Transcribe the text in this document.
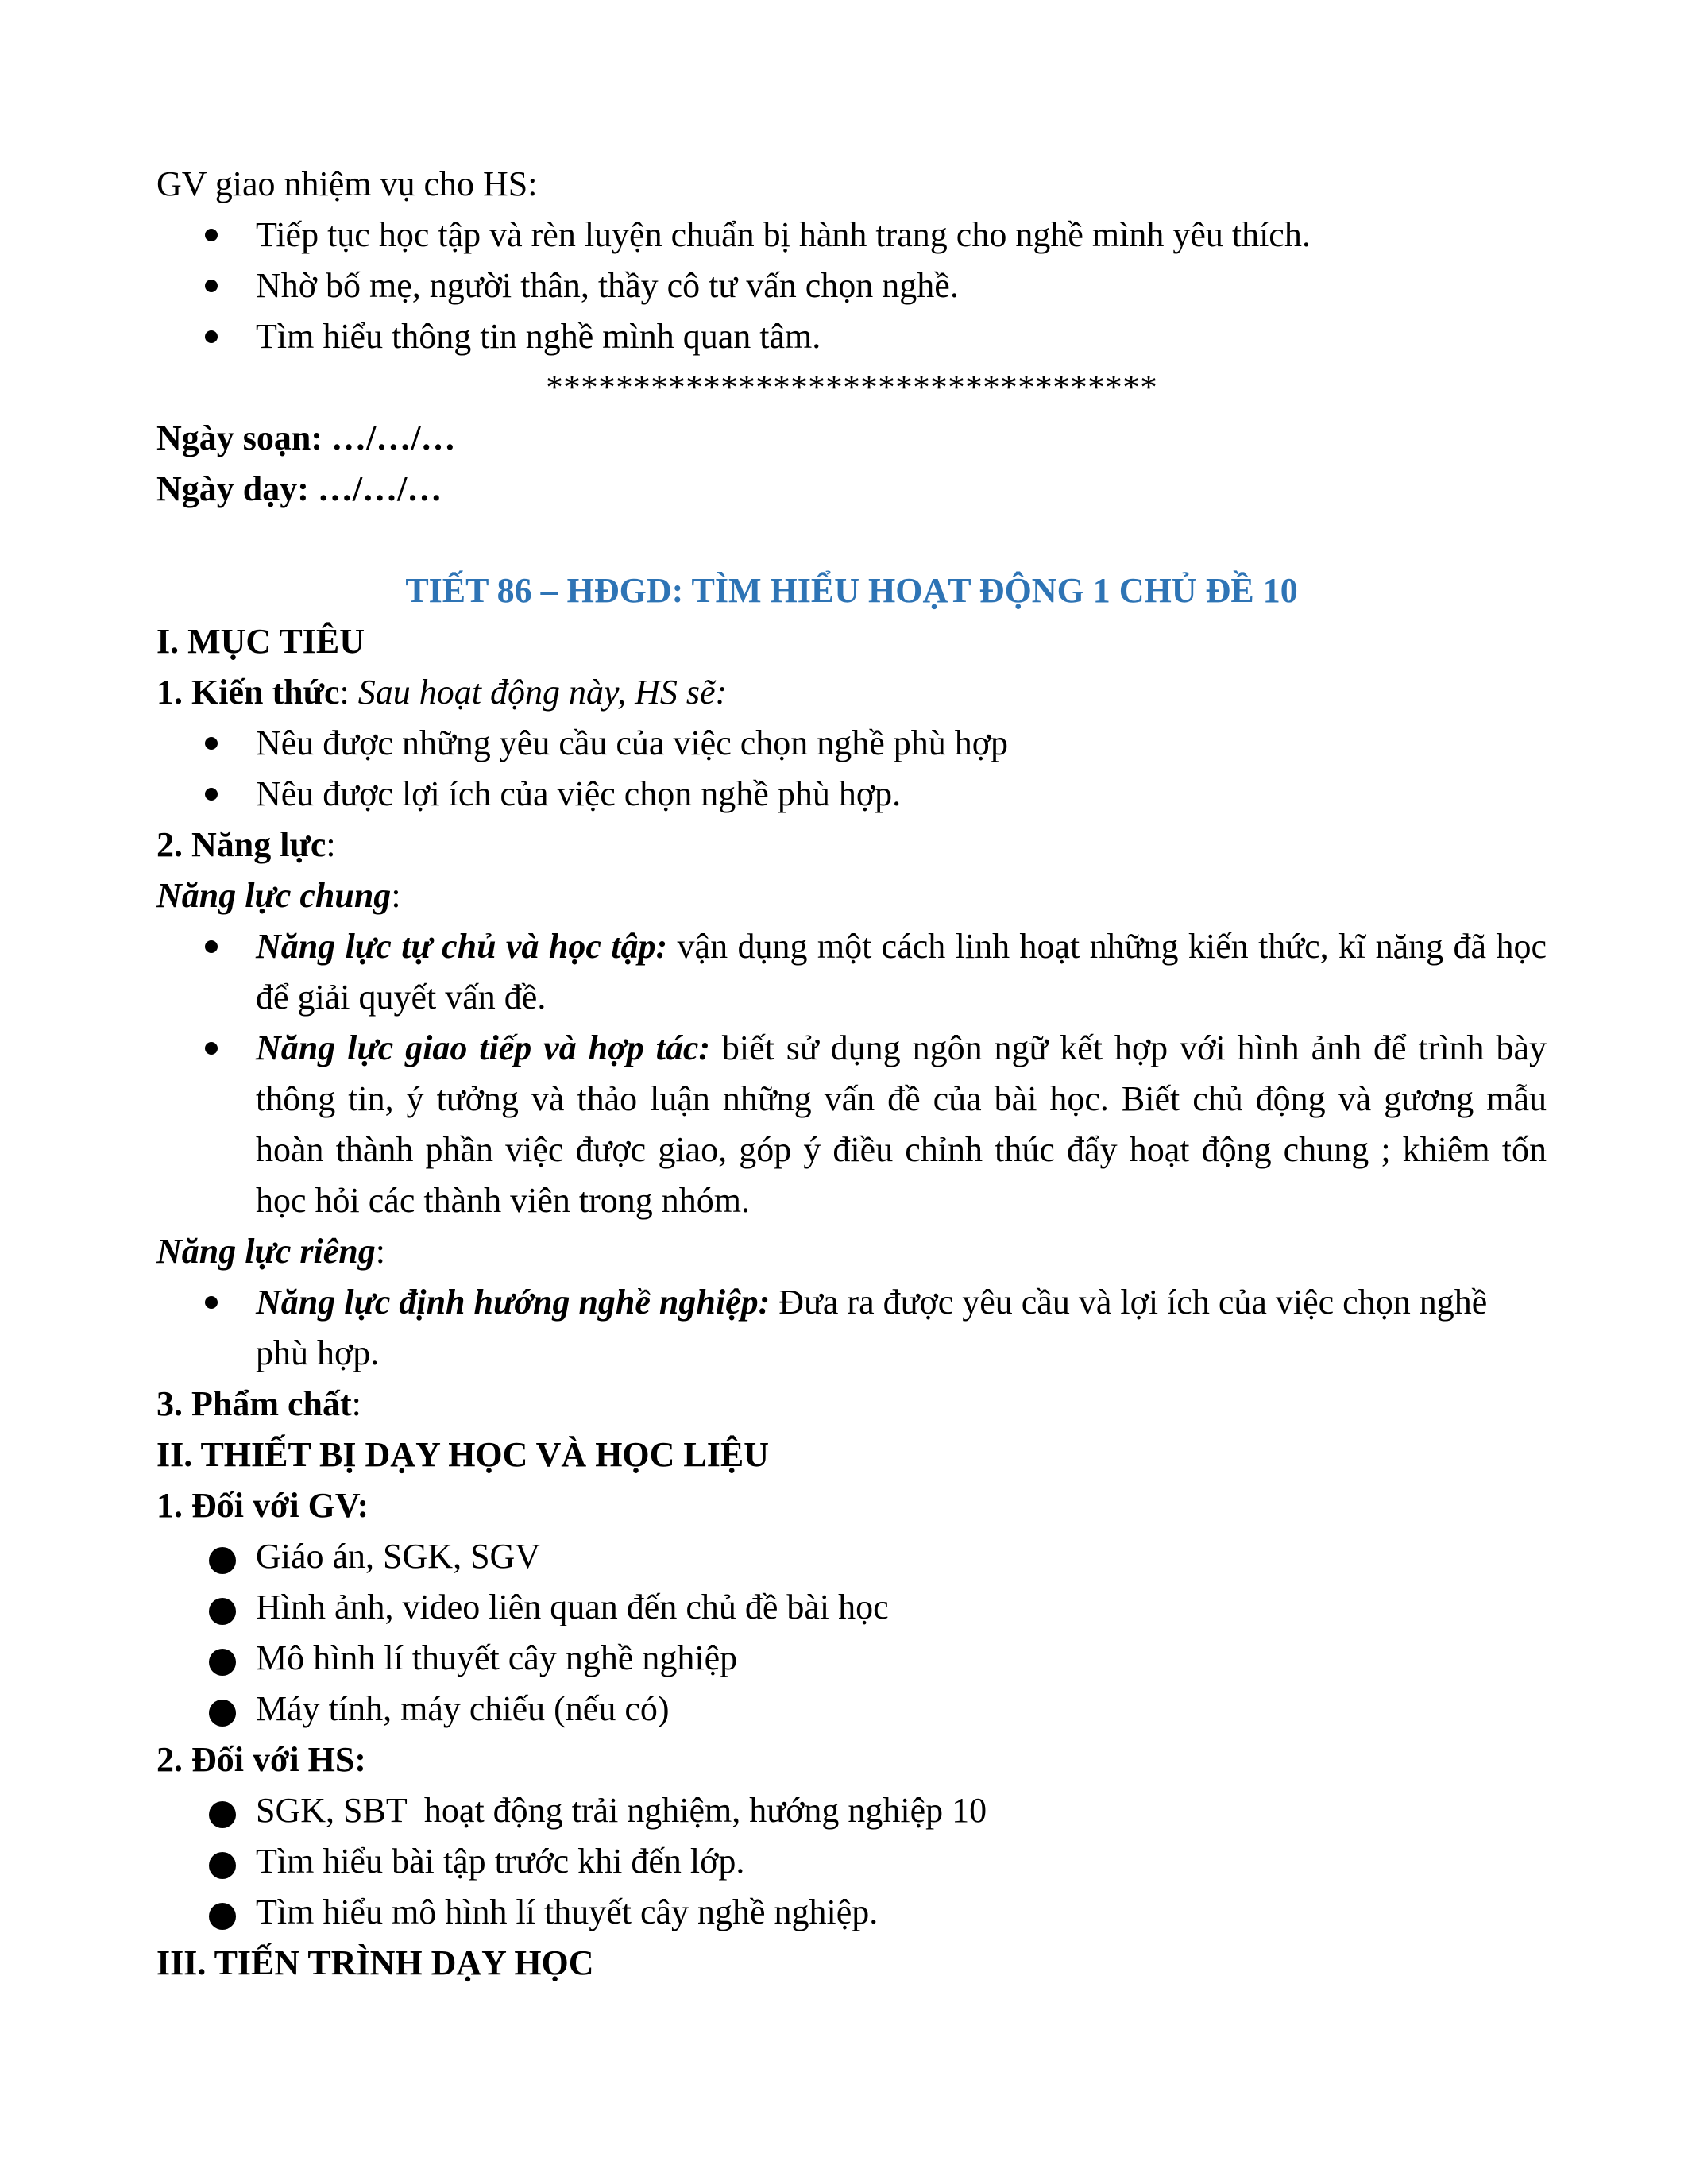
GV giao nhiệm vụ cho HS:

Tiếp tục học tập và rèn luyện chuẩn bị hành trang cho nghề mình yêu thích.
Nhờ bố mẹ, người thân, thầy cô tư vấn chọn nghề.
Tìm hiểu thông tin nghề mình quan tâm.

***********************************

Ngày soạn: …/…/…

Ngày dạy: …/…/…

TIẾT 86 – HĐGD: TÌM HIỂU HOẠT ĐỘNG 1 CHỦ ĐỀ 10

I. MỤC TIÊU

1. Kiến thức: Sau hoạt động này, HS sẽ:

Nêu được những yêu cầu của việc chọn nghề phù hợp
Nêu được lợi ích của việc chọn nghề phù hợp.

2. Năng lực:

Năng lực chung:

Năng lực tự chủ và học tập: vận dụng một cách linh hoạt những kiến thức, kĩ năng đã học để giải quyết vấn đề.
Năng lực giao tiếp và hợp tác: biết sử dụng ngôn ngữ kết hợp với hình ảnh để trình bày thông tin, ý tưởng và thảo luận những vấn đề của bài học. Biết chủ động và gương mẫu hoàn thành phần việc được giao, góp ý điều chỉnh thúc đẩy hoạt động chung ; khiêm tốn học hỏi các thành viên trong nhóm.

Năng lực riêng:

Năng lực định hướng nghề nghiệp: Đưa ra được yêu cầu và lợi ích của việc chọn nghề phù hợp.

3. Phẩm chất:

II. THIẾT BỊ DẠY HỌC VÀ HỌC LIỆU

1. Đối với GV:

Giáo án, SGK, SGV
Hình ảnh, video liên quan đến chủ đề bài học
Mô hình lí thuyết cây nghề nghiệp
Máy tính, máy chiếu (nếu có)

2. Đối với HS:

SGK, SBT  hoạt động trải nghiệm, hướng nghiệp 10
Tìm hiểu bài tập trước khi đến lớp.
Tìm hiểu mô hình lí thuyết cây nghề nghiệp.

III. TIẾN TRÌNH DẠY HỌC
